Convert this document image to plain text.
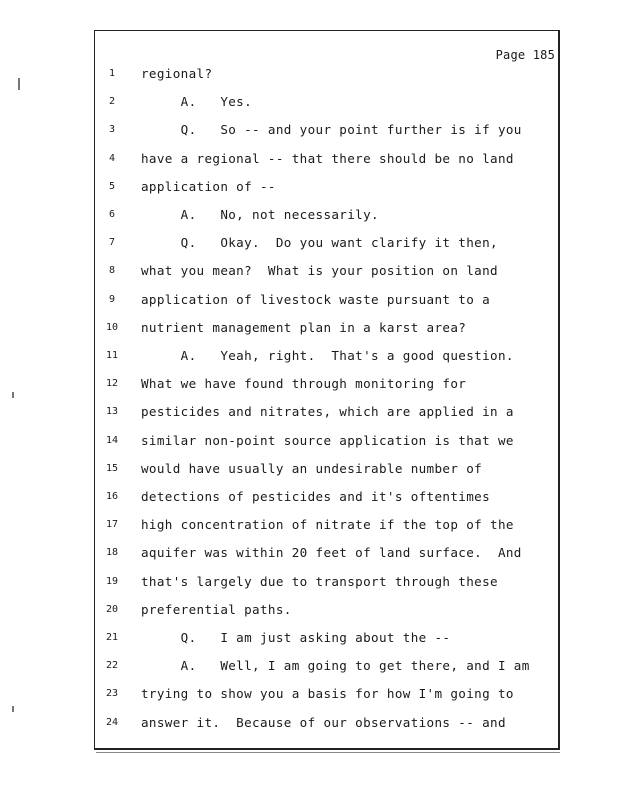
Page 185
1	regional?
2	A.   Yes.
3	Q.   So -- and your point further is if you
4	have a regional -- that there should be no land
5	application of --
6	A.   No, not necessarily.
7	Q.   Okay.  Do you want clarify it then,
8	what you mean?  What is your position on land
9	application of livestock waste pursuant to a
10	nutrient management plan in a karst area?
11	A.   Yeah, right.  That's a good question.
12	What we have found through monitoring for
13	pesticides and nitrates, which are applied in a
14	similar non-point source application is that we
15	would have usually an undesirable number of
16	detections of pesticides and it's oftentimes
17	high concentration of nitrate if the top of the
18	aquifer was within 20 feet of land surface.  And
19	that's largely due to transport through these
20	preferential paths.
21	Q.   I am just asking about the --
22	A.   Well, I am going to get there, and I am
23	trying to show you a basis for how I'm going to
24	answer it.  Because of our observations -- and
